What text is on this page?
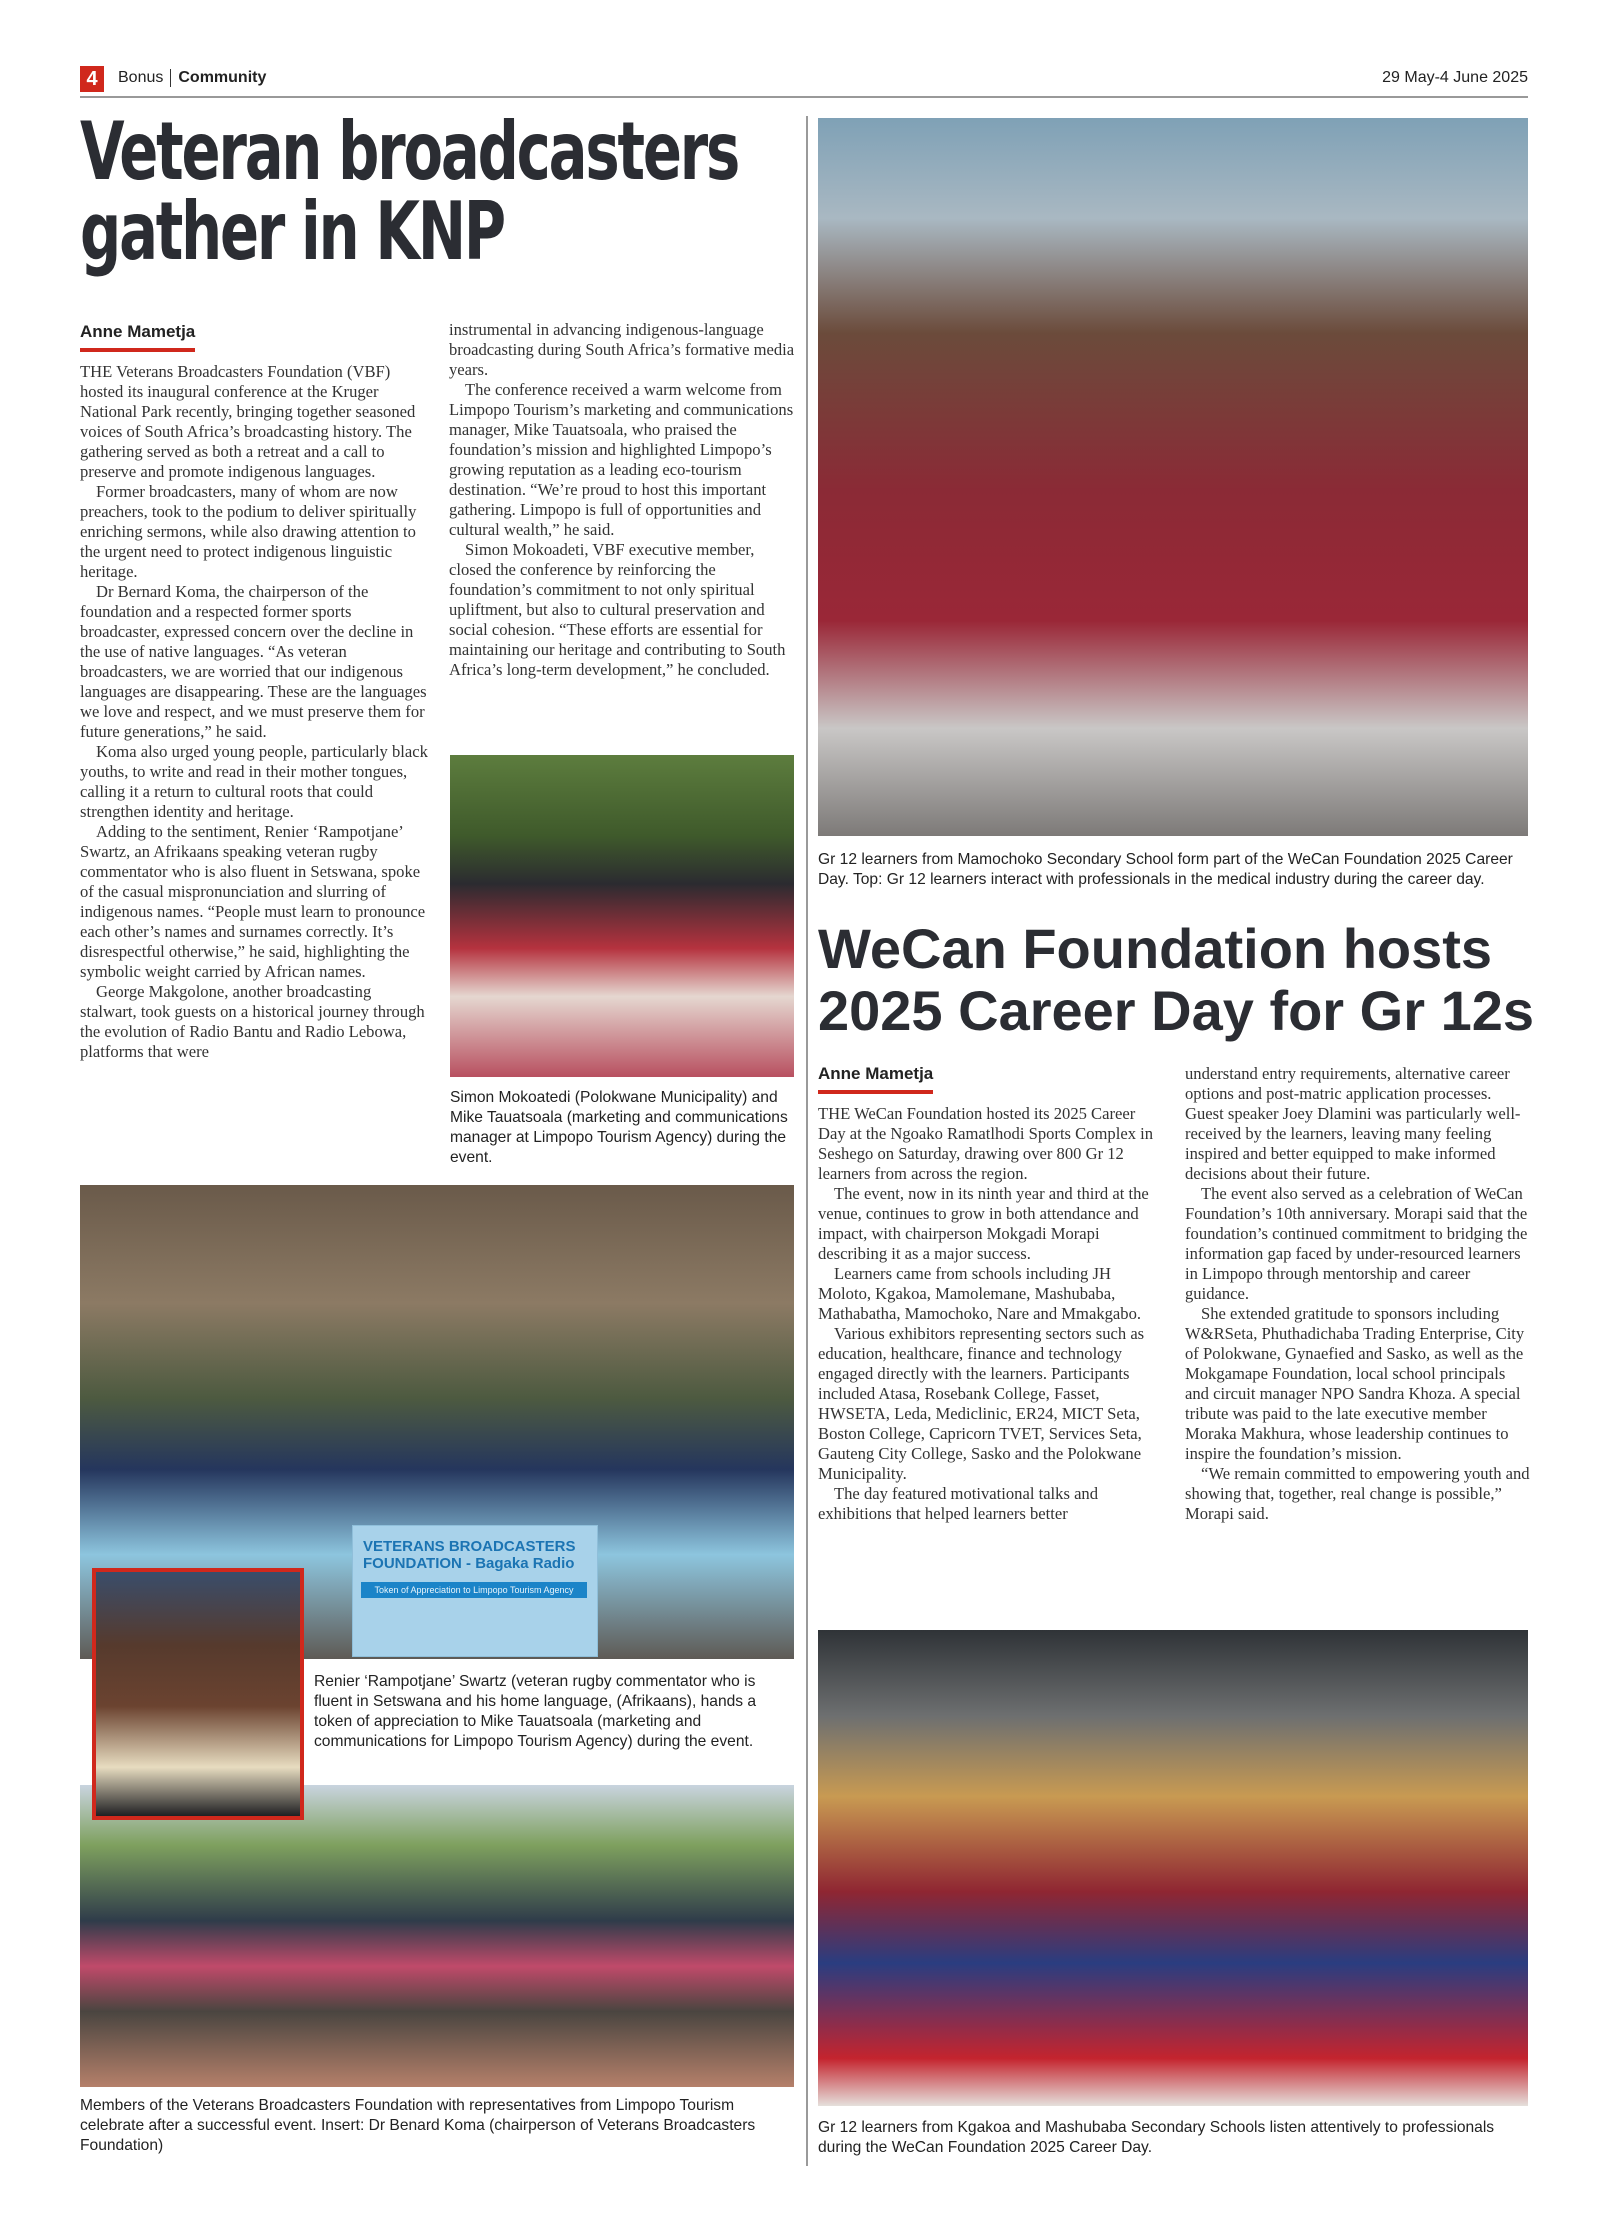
4	Bonus Community	29 May-4 June 2025
Veteran broadcasters
gather in KNP
Anne Mametja

THE Veterans Broadcasters Foundation (VBF) hosted its inaugural conference at the Kruger National Park recently, bringing together seasoned voices of South Africa’s broadcasting history. The gathering served as both a retreat and a call to preserve and promote indigenous languages.

Former broadcasters, many of whom are now preachers, took to the podium to deliver spiritually enriching sermons, while also drawing attention to the urgent need to protect indigenous linguistic heritage.

Dr Bernard Koma, the chairperson of the foundation and a respected former sports broadcaster, expressed concern over the decline in the use of native languages. “As veteran broadcasters, we are worried that our indigenous languages are disappearing. These are the languages we love and respect, and we must preserve them for future generations,” he said.

Koma also urged young people, particularly black youths, to write and read in their mother tongues, calling it a return to cultural roots that could strengthen identity and heritage.

Adding to the sentiment, Renier ‘Rampotjane’ Swartz, an Afrikaans speaking veteran rugby commentator who is also fluent in Setswana, spoke of the casual mispronunciation and slurring of indigenous names. “People must learn to pronounce each other’s names and surnames correctly. It’s disrespectful otherwise,” he said, highlighting the symbolic weight carried by African names.

George Makgolone, another broadcasting stalwart, took guests on a historical journey through the evolution of Radio Bantu and Radio Lebowa, platforms that were

instrumental in advancing indigenous-language broadcasting during South Africa’s formative media years.

The conference received a warm welcome from Limpopo Tourism’s marketing and communications manager, Mike Tauatsoala, who praised the foundation’s mission and highlighted Limpopo’s growing reputation as a leading eco-tourism destination. “We’re proud to host this important gathering. Limpopo is full of opportunities and cultural wealth,” he said.

Simon Mokoadeti, VBF executive member, closed the conference by reinforcing the foundation’s commitment to not only spiritual upliftment, but also to cultural preservation and social cohesion. “These efforts are essential for maintaining our heritage and contributing to South Africa’s long-term development,” he concluded.

Simon Mokoatedi (Polokwane Municipality) and Mike Tauatsoala (marketing and communications manager at Limpopo Tourism Agency) during the event.
VETERANS BROADCASTERS
FOUNDATION - Bagaka Radio
Token of Appreciation to Limpopo Tourism Agency
Renier ‘Rampotjane’ Swartz (veteran rugby commentator who is fluent in Setswana and his home language, (Afrikaans), hands a token of appreciation to Mike Tauatsoala (marketing and communications for Limpopo Tourism Agency) during the event.
Members of the Veterans Broadcasters Foundation with representatives from Limpopo Tourism celebrate after a successful event. Insert: Dr Benard Koma (chairperson of Veterans Broadcasters Foundation)
Gr 12 learners from Mamochoko Secondary School form part of the WeCan Foundation 2025 Career Day. Top: Gr 12 learners interact with professionals in the medical industry during the career day.
WeCan Foundation hosts 2025 Career Day for Gr 12s
Anne Mametja

THE WeCan Foundation hosted its 2025 Career Day at the Ngoako Ramatlhodi Sports Complex in Seshego on Saturday, drawing over 800 Gr 12 learners from across the region.

The event, now in its ninth year and third at the venue, continues to grow in both attendance and impact, with chairperson Mokgadi Morapi describing it as a major success.

Learners came from schools including JH Moloto, Kgakoa, Mamolemane, Mashubaba, Mathabatha, Mamochoko, Nare and Mmakgabo.

Various exhibitors representing sectors such as education, healthcare, finance and technology engaged directly with the learners. Participants included Atasa, Rosebank College, Fasset, HWSETA, Leda, Mediclinic, ER24, MICT Seta, Boston College, Capricorn TVET, Services Seta, Gauteng City College, Sasko and the Polokwane Municipality.

The day featured motivational talks and exhibitions that helped learners better

understand entry requirements, alternative career options and post-matric application processes. Guest speaker Joey Dlamini was particularly well-received by the learners, leaving many feeling inspired and better equipped to make informed decisions about their future.

The event also served as a celebration of WeCan Foundation’s 10th anniversary. Morapi said that the foundation’s continued commitment to bridging the information gap faced by under-resourced learners in Limpopo through mentorship and career guidance.

She extended gratitude to sponsors including W&RSeta, Phuthadichaba Trading Enterprise, City of Polokwane, Gynaefied and Sasko, as well as the Mokgamape Foundation, local school principals and circuit manager NPO Sandra Khoza. A special tribute was paid to the late executive member Moraka Makhura, whose leadership continues to inspire the foundation’s mission.

“We remain committed to empowering youth and showing that, together, real change is possible,” Morapi said.

Gr 12 learners from Kgakoa and Mashubaba Secondary Schools listen attentively to professionals during the WeCan Foundation 2025 Career Day.
